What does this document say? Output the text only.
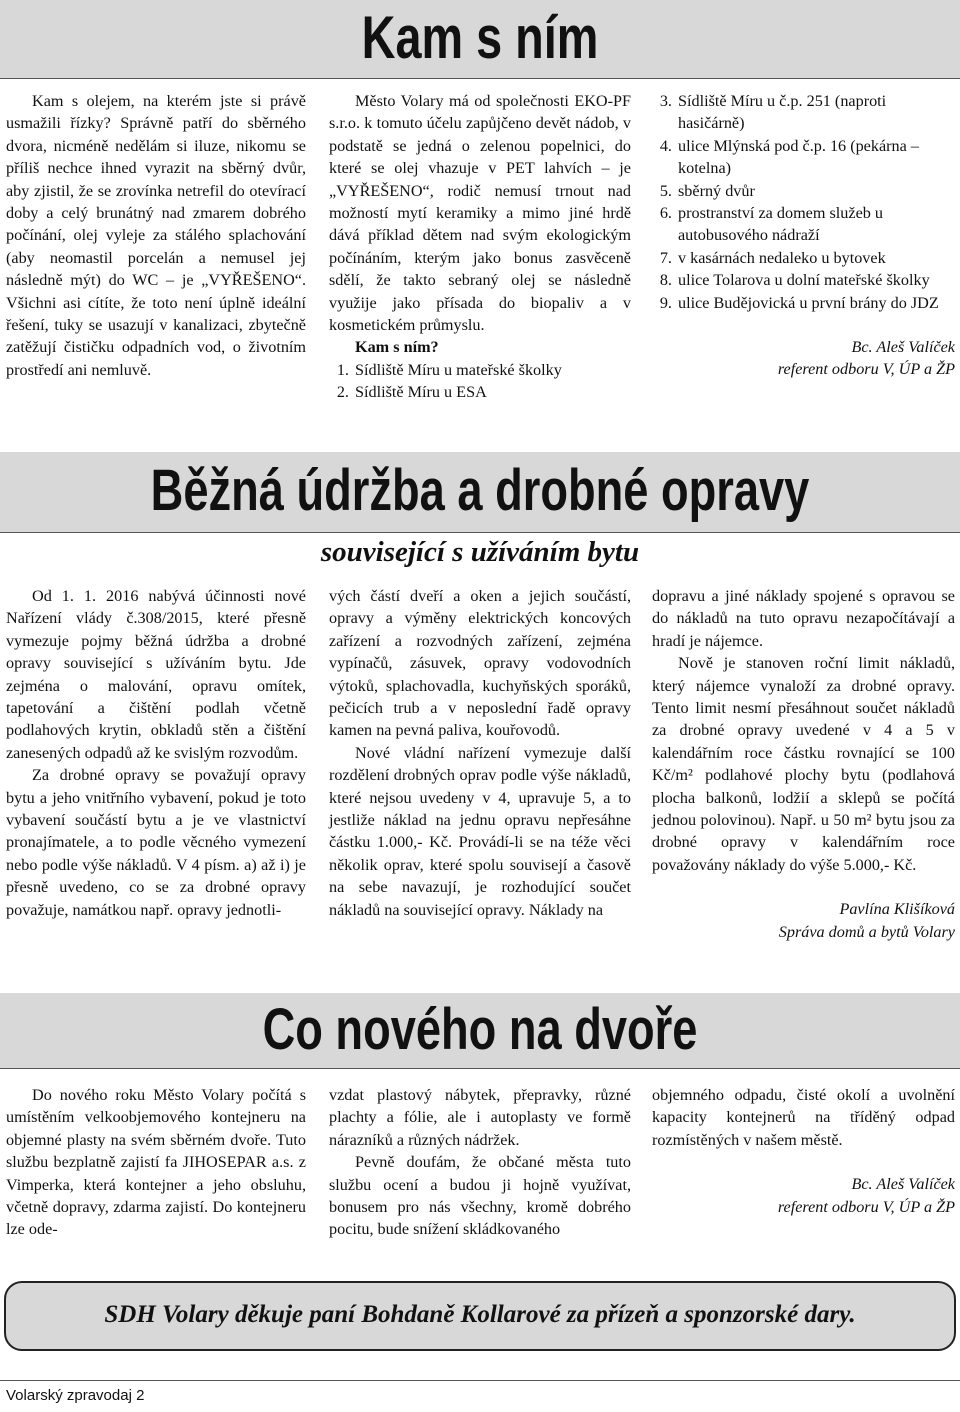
Kam s ním

Kam s olejem, na kterém jste si právě usmažili řízky? Správně patří do sběrného dvora, nicméně nedělám si iluze, nikomu se příliš nechce ihned vyrazit na sběrný dvůr, aby zjistil, že se zrovínka netrefil do otevírací doby a celý brunátný nad zmarem dobrého počínání, olej vyleje za stálého splachování (aby neomastil porcelán a nemusel jej následně mýt) do WC – je „VYŘEŠENO“. Všichni asi cítíte, že toto není úplně ideální řešení, tuky se usazují v kanalizaci, zbytečně zatěžují čističku odpadních vod, o životním prostředí ani nemluvě.

Město Volary má od společnosti EKO-PF s.r.o. k tomuto účelu zapůjčeno devět nádob, v podstatě se jedná o zelenou popelnici, do které se olej vhazuje v PET lahvích – je „VYŘEŠENO“, rodič nemusí trnout nad možností mytí keramiky a mimo jiné hrdě dává příklad dětem nad svým ekologickým počínáním, kterým jako bonus zasvěceně sdělí, že takto sebraný olej se následně využije jako přísada do biopaliv a v kosmetickém průmyslu.

Kam s ním?

1. Sídliště Míru u mateřské školky
2. Sídliště Míru u ESA
3. Sídliště Míru u č.p. 251 (naproti hasičárně)
4. ulice Mlýnská pod č.p. 16 (pekárna – kotelna)
5. sběrný dvůr
6. prostranství za domem služeb u autobusového nádraží
7. v kasárnách nedaleko u bytovek
8. ulice Tolarova u dolní mateřské školky
9. ulice Budějovická u první brány do JDZ

Bc. Aleš Valíček

referent odboru V, ÚP a ŽP

Běžná údržba a drobné opravy
související s užíváním bytu

Od 1. 1. 2016 nabývá účinnosti nové Nařízení vlády č.308/2015, které přesně vymezuje pojmy běžná údržba a drobné opravy související s užíváním bytu. Jde zejména o malování, opravu omítek, tapetování a čištění podlah včetně podlahových krytin, obkladů stěn a čištění zanesených odpadů až ke svislým rozvodům.

Za drobné opravy se považují opravy bytu a jeho vnitřního vybavení, pokud je toto vybavení součástí bytu a je ve vlastnictví pronajímatele, a to podle věcného vymezení nebo podle výše nákladů. V 4 písm. a) až i) je přesně uvedeno, co se za drobné opravy považuje, namátkou např. opravy jednotli-

vých částí dveří a oken a jejich součástí, opravy a výměny elektrických koncových zařízení a rozvodných zařízení, zejména vypínačů, zásuvek, opravy vodovodních výtoků, splachovadla, kuchyňských sporáků, pečicích trub a v neposlední řadě opravy kamen na pevná paliva, kouřovodů.

Nové vládní nařízení vymezuje další rozdělení drobných oprav podle výše nákladů, které nejsou uvedeny v 4, upravuje 5, a to jestliže náklad na jednu opravu nepřesáhne částku 1.000,- Kč. Provádí-li se na téže věci několik oprav, které spolu souvisejí a časově na sebe navazují, je rozhodující součet nákladů na související opravy. Náklady na

dopravu a jiné náklady spojené s opravou se do nákladů na tuto opravu nezapočítávají a hradí je nájemce.

Nově je stanoven roční limit nákladů, který nájemce vynaloží za drobné opravy. Tento limit nesmí přesáhnout součet nákladů za drobné opravy uvedené v 4 a 5 v kalendářním roce částku rovnající se 100 Kč/m² podlahové plochy bytu (podlahová plocha balkonů, lodžií a sklepů se počítá jednou polovinou). Např. u 50 m² bytu jsou za drobné opravy v kalendářním roce považovány náklady do výše 5.000,- Kč.

Pavlína Klišíková

Správa domů a bytů Volary

Co nového na dvoře

Do nového roku Město Volary počítá s umístěním velkoobjemového kontejneru na objemné plasty na svém sběrném dvoře. Tuto službu bezplatně zajistí fa JIHOSEPAR a.s. z Vimperka, která kontejner a jeho obsluhu, včetně dopravy, zdarma zajistí. Do kontejneru lze ode-

vzdat plastový nábytek, přepravky, různé plachty a fólie, ale i autoplasty ve formě nárazníků a různých nádržek.

Pevně doufám, že občané města tuto službu ocení a budou ji hojně využívat, bonusem pro nás všechny, kromě dobrého pocitu, bude snížení skládkovaného

objemného odpadu, čisté okolí a uvolnění kapacity kontejnerů na tříděný odpad rozmístěných v našem městě.

Bc. Aleš Valíček

referent odboru V, ÚP a ŽP

SDH Volary děkuje paní Bohdaně Kollarové za přízeň a sponzorské dary.
Volarský zpravodaj 2
